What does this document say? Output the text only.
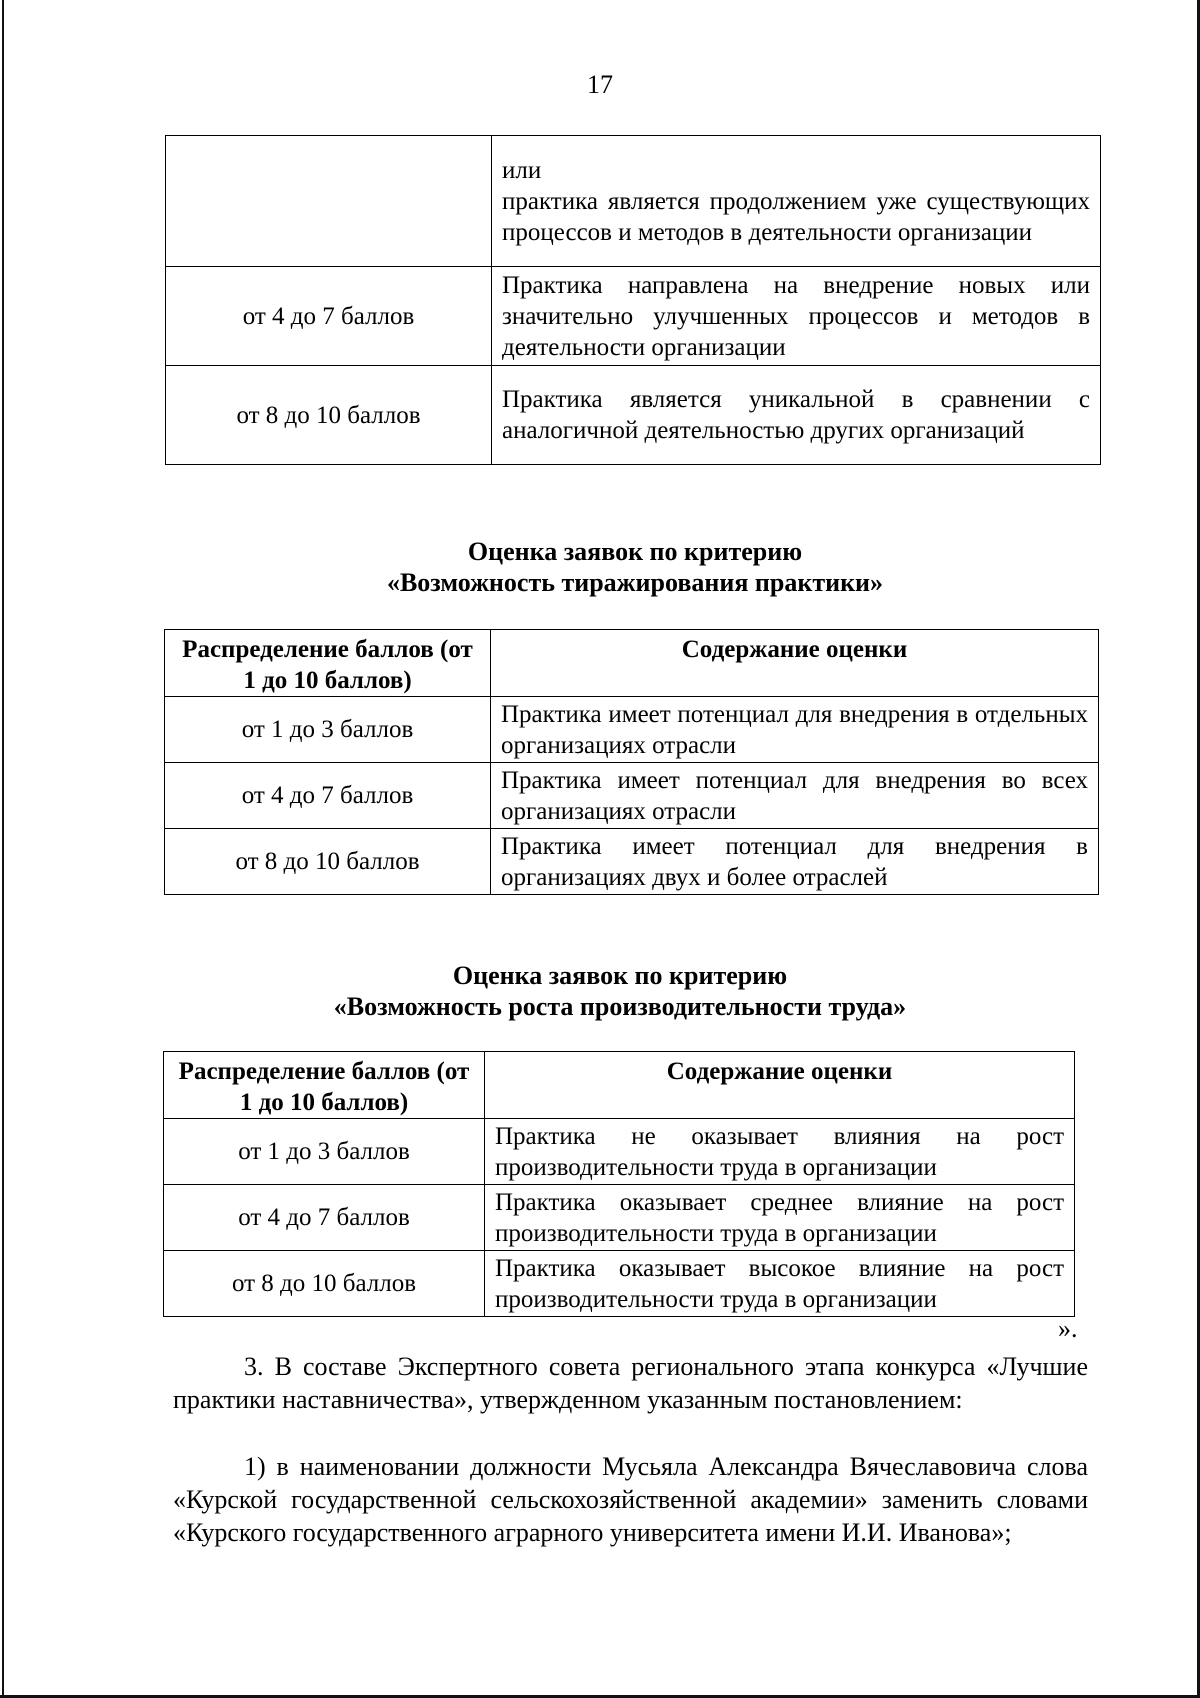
17

	или
практика является продолжением уже существующих процессов и методов в деятельности организации
от 4 до 7 баллов	Практика направлена на внедрение новых или значительно улучшенных процессов и методов в деятельности организации
от 8 до 10 баллов	Практика является уникальной в сравнении с аналогичной деятельностью других организаций
Оценка заявок по критерию
«Возможность тиражирования практики»
Распределение баллов (от 1 до 10 баллов)	Содержание оценки
от 1 до 3 баллов	Практика имеет потенциал для внедрения в отдельных организациях отрасли
от 4 до 7 баллов	Практика имеет потенциал для внедрения во всех организациях отрасли
от 8 до 10 баллов	Практика имеет потенциал для внедрения в организациях двух и более отраслей
Оценка заявок по критерию
«Возможность роста производительности труда»
Распределение баллов (от 1 до 10 баллов)	Содержание оценки
от 1 до 3 баллов	Практика не оказывает влияния на рост производительности труда в организации
от 4 до 7 баллов	Практика оказывает среднее влияние на рост производительности труда в организации
от 8 до 10 баллов	Практика оказывает высокое влияние на рост производительности труда в организации
».
3. В составе Экспертного совета регионального этапа конкурса «Лучшие практики наставничества», утвержденном указанным постановлением:
1) в наименовании должности Мусьяла Александра Вячеславовича слова «Курской государственной сельскохозяйственной академии» заменить словами «Курского государственного аграрного университета имени И.И. Иванова»;
